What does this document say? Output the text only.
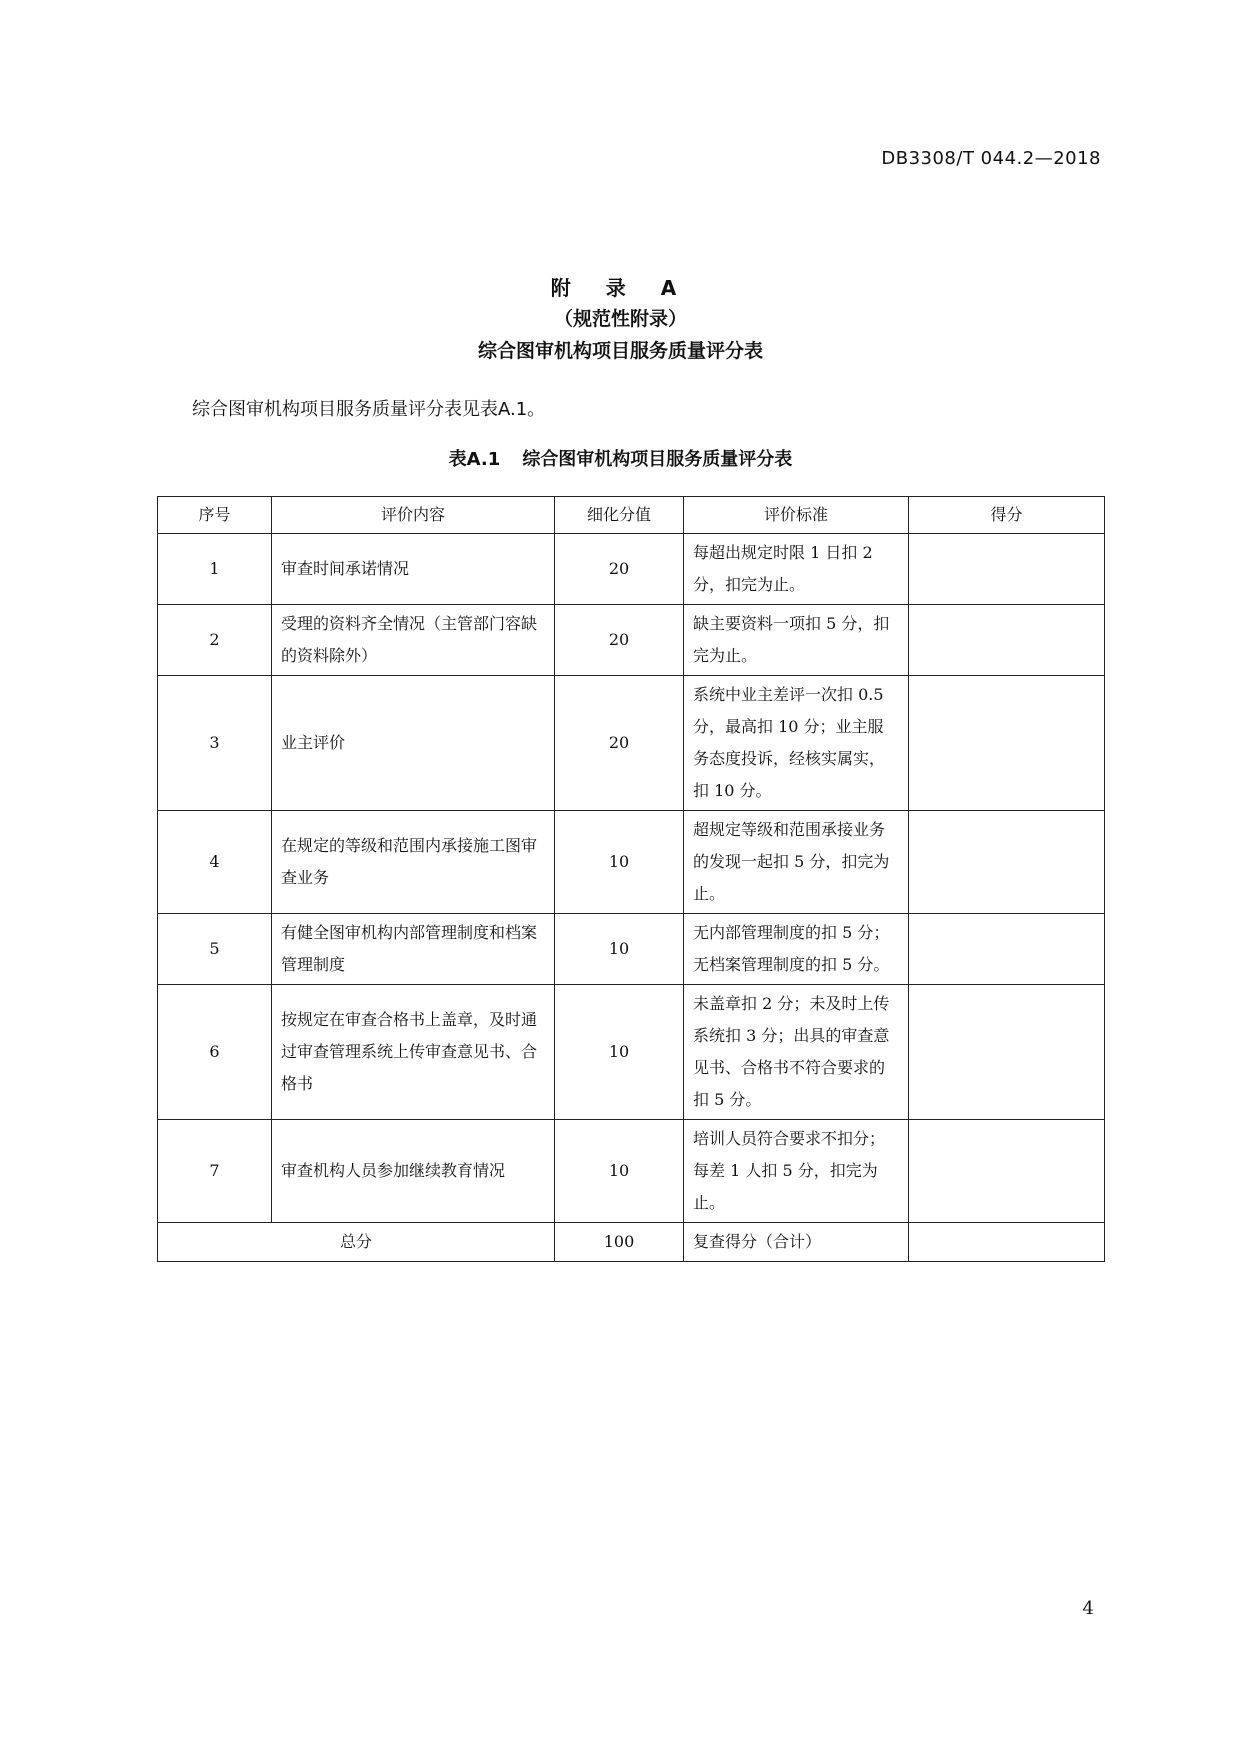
DB3308/T 044.2—2018
附 录 A
（规范性附录）
综合图审机构项目服务质量评分表
综合图审机构项目服务质量评分表见表A.1。
表A.1 综合图审机构项目服务质量评分表
序号	评价内容	细化分值	评价标准	得分
1	审查时间承诺情况	20	每超出规定时限 1 日扣 2 分，扣完为止。	
2	受理的资料齐全情况（主管部门容缺的资料除外）	20	缺主要资料一项扣 5 分，扣完为止。	
3	业主评价	20	系统中业主差评一次扣 0.5 分，最高扣 10 分；业主服务态度投诉，经核实属实，扣 10 分。	
4	在规定的等级和范围内承接施工图审查业务	10	超规定等级和范围承接业务的发现一起扣 5 分，扣完为止。	
5	有健全图审机构内部管理制度和档案管理制度	10	无内部管理制度的扣 5 分；无档案管理制度的扣 5 分。	
6	按规定在审查合格书上盖章，及时通过审查管理系统上传审查意见书、合格书	10	未盖章扣 2 分；未及时上传系统扣 3 分；出具的审查意见书、合格书不符合要求的扣 5 分。	
7	审查机构人员参加继续教育情况	10	培训人员符合要求不扣分；每差 1 人扣 5 分，扣完为止。	
总分		100	复查得分（合计）	
4
